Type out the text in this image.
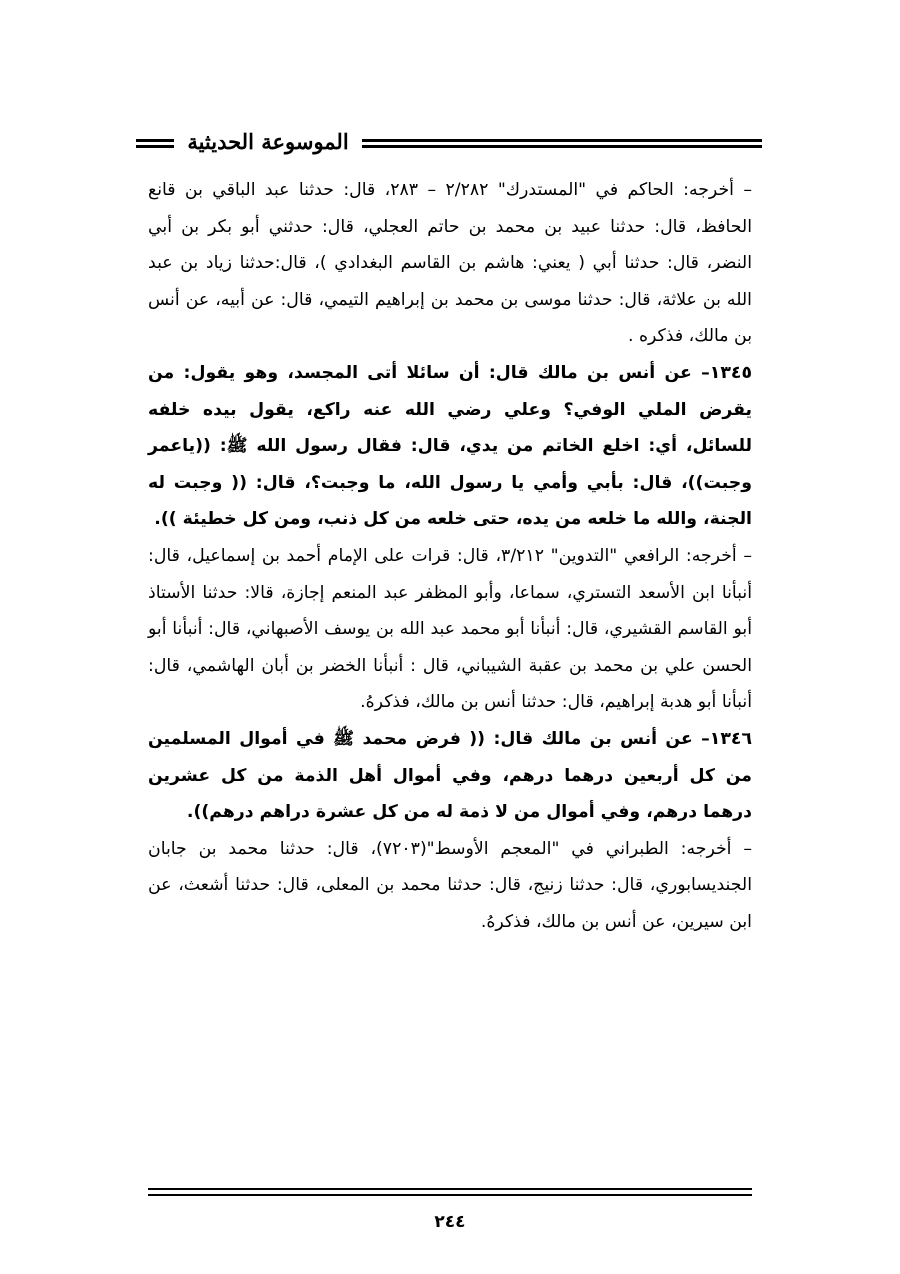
الموسوعة الحديثية

– أخرجه: الحاكم في "المستدرك" ٢/٢٨٢ – ٢٨٣، قال: حدثنا عبد الباقي بن قانع الحافظ، قال: حدثنا عبيد بن محمد بن حاتم العجلي، قال: حدثني أبو بكر بن أبي النضر، قال: حدثنا أبي ( يعني: هاشم بن القاسم البغدادي )، قال:حدثنا زياد بن عبد الله بن علاثة، قال: حدثنا موسى بن محمد بن إبراهيم التيمي، قال: عن أبيه، عن أنس بن مالك، فذكره .

١٣٤٥– عن أنس بن مالك قال: أن سائلا أتى المجسد، وهو يقول: من يقرض الملي الوفي؟ وعلي رضي الله عنه راكع، يقول بيده خلفه للسائل، أي: اخلع الخاتم من يدي، قال: فقال رسول الله ﷺ: ((ياعمر وجبت))، قال: بأبي وأمي يا رسول الله، ما وجبت؟، قال: (( وجبت له الجنة، والله ما خلعه من يده، حتى خلعه من كل ذنب، ومن كل خطيئة )).

– أخرجه: الرافعي "التدوين" ٣/٢١٢، قال: قرات على الإمام أحمد بن إسماعيل، قال: أنبأنا ابن الأسعد التستري، سماعا، وأبو المظفر عبد المنعم إجازة، قالا: حدثنا الأستاذ أبو القاسم القشيري، قال: أنبأنا أبو محمد عبد الله بن يوسف الأصبهاني، قال: أنبأنا أبو الحسن علي بن محمد بن عقبة الشيباني، قال : أنبأنا الخضر بن أبان الهاشمي، قال: أنبأنا أبو هدبة إبراهيم، قال: حدثنا أنس بن مالك، فذكرهُ.

١٣٤٦– عن أنس بن مالك قال: (( فرض محمد ﷺ في أموال المسلمين من كل أربعين درهما درهم، وفي أموال أهل الذمة من كل عشرين درهما درهم، وفي أموال من لا ذمة له من كل عشرة دراهم درهم)).

– أخرجه: الطبراني في "المعجم الأوسط"(٧٢٠٣)، قال: حدثنا محمد بن جابان الجنديسابوري، قال: حدثنا زنيج، قال: حدثنا محمد بن المعلى، قال: حدثنا أشعث، عن ابن سيرين، عن أنس بن مالك، فذكرهُ.

٢٤٤
